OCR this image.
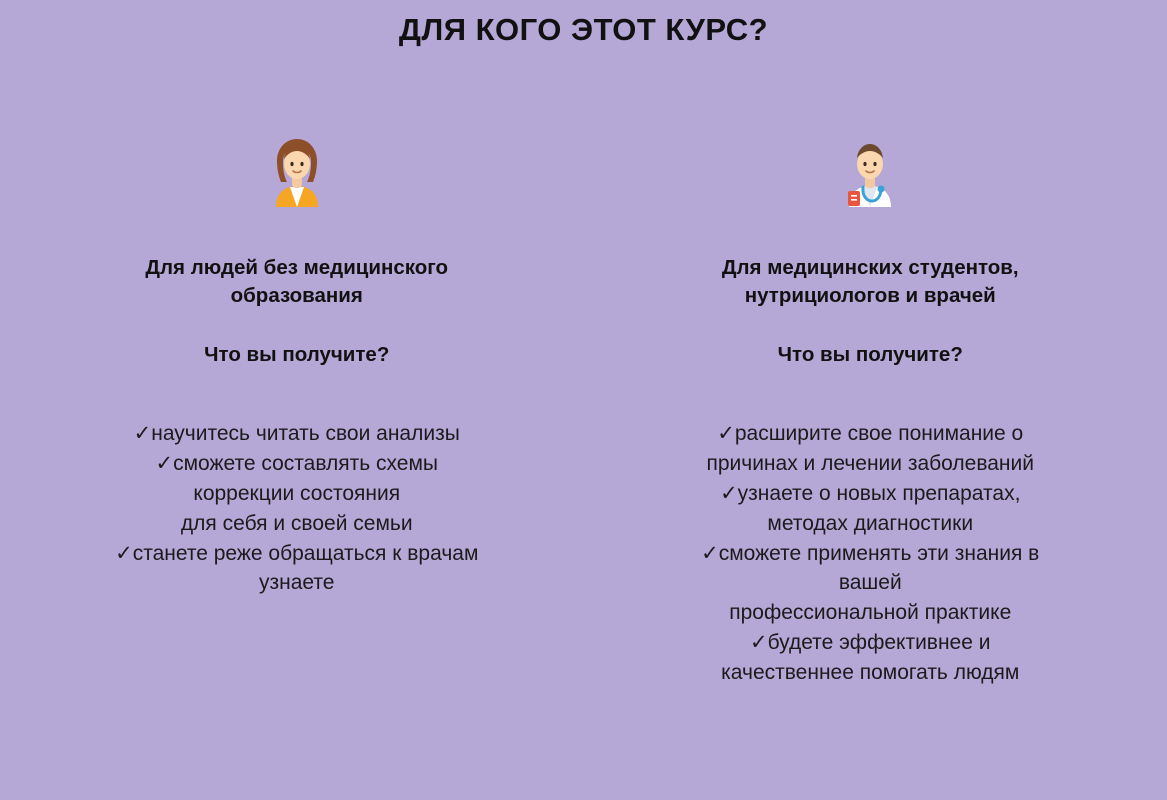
ДЛЯ КОГО ЭТОТ КУРС?
Для людей без медицинского образования
Что вы получите?
✓научитесь читать свои анализы
✓сможете составлять схемы
коррекции состояния
для себя и своей семьи
✓станете реже обращаться к врачам
узнаете
Для медицинских студентов, нутрициологов и врачей
Что вы получите?
✓расширите свое понимание о
причинах и лечении заболеваний
✓узнаете о новых препаратах,
методах диагностики
✓сможете применять эти знания в
вашей
профессиональной практике
✓будете эффективнее и
качественнее помогать людям
